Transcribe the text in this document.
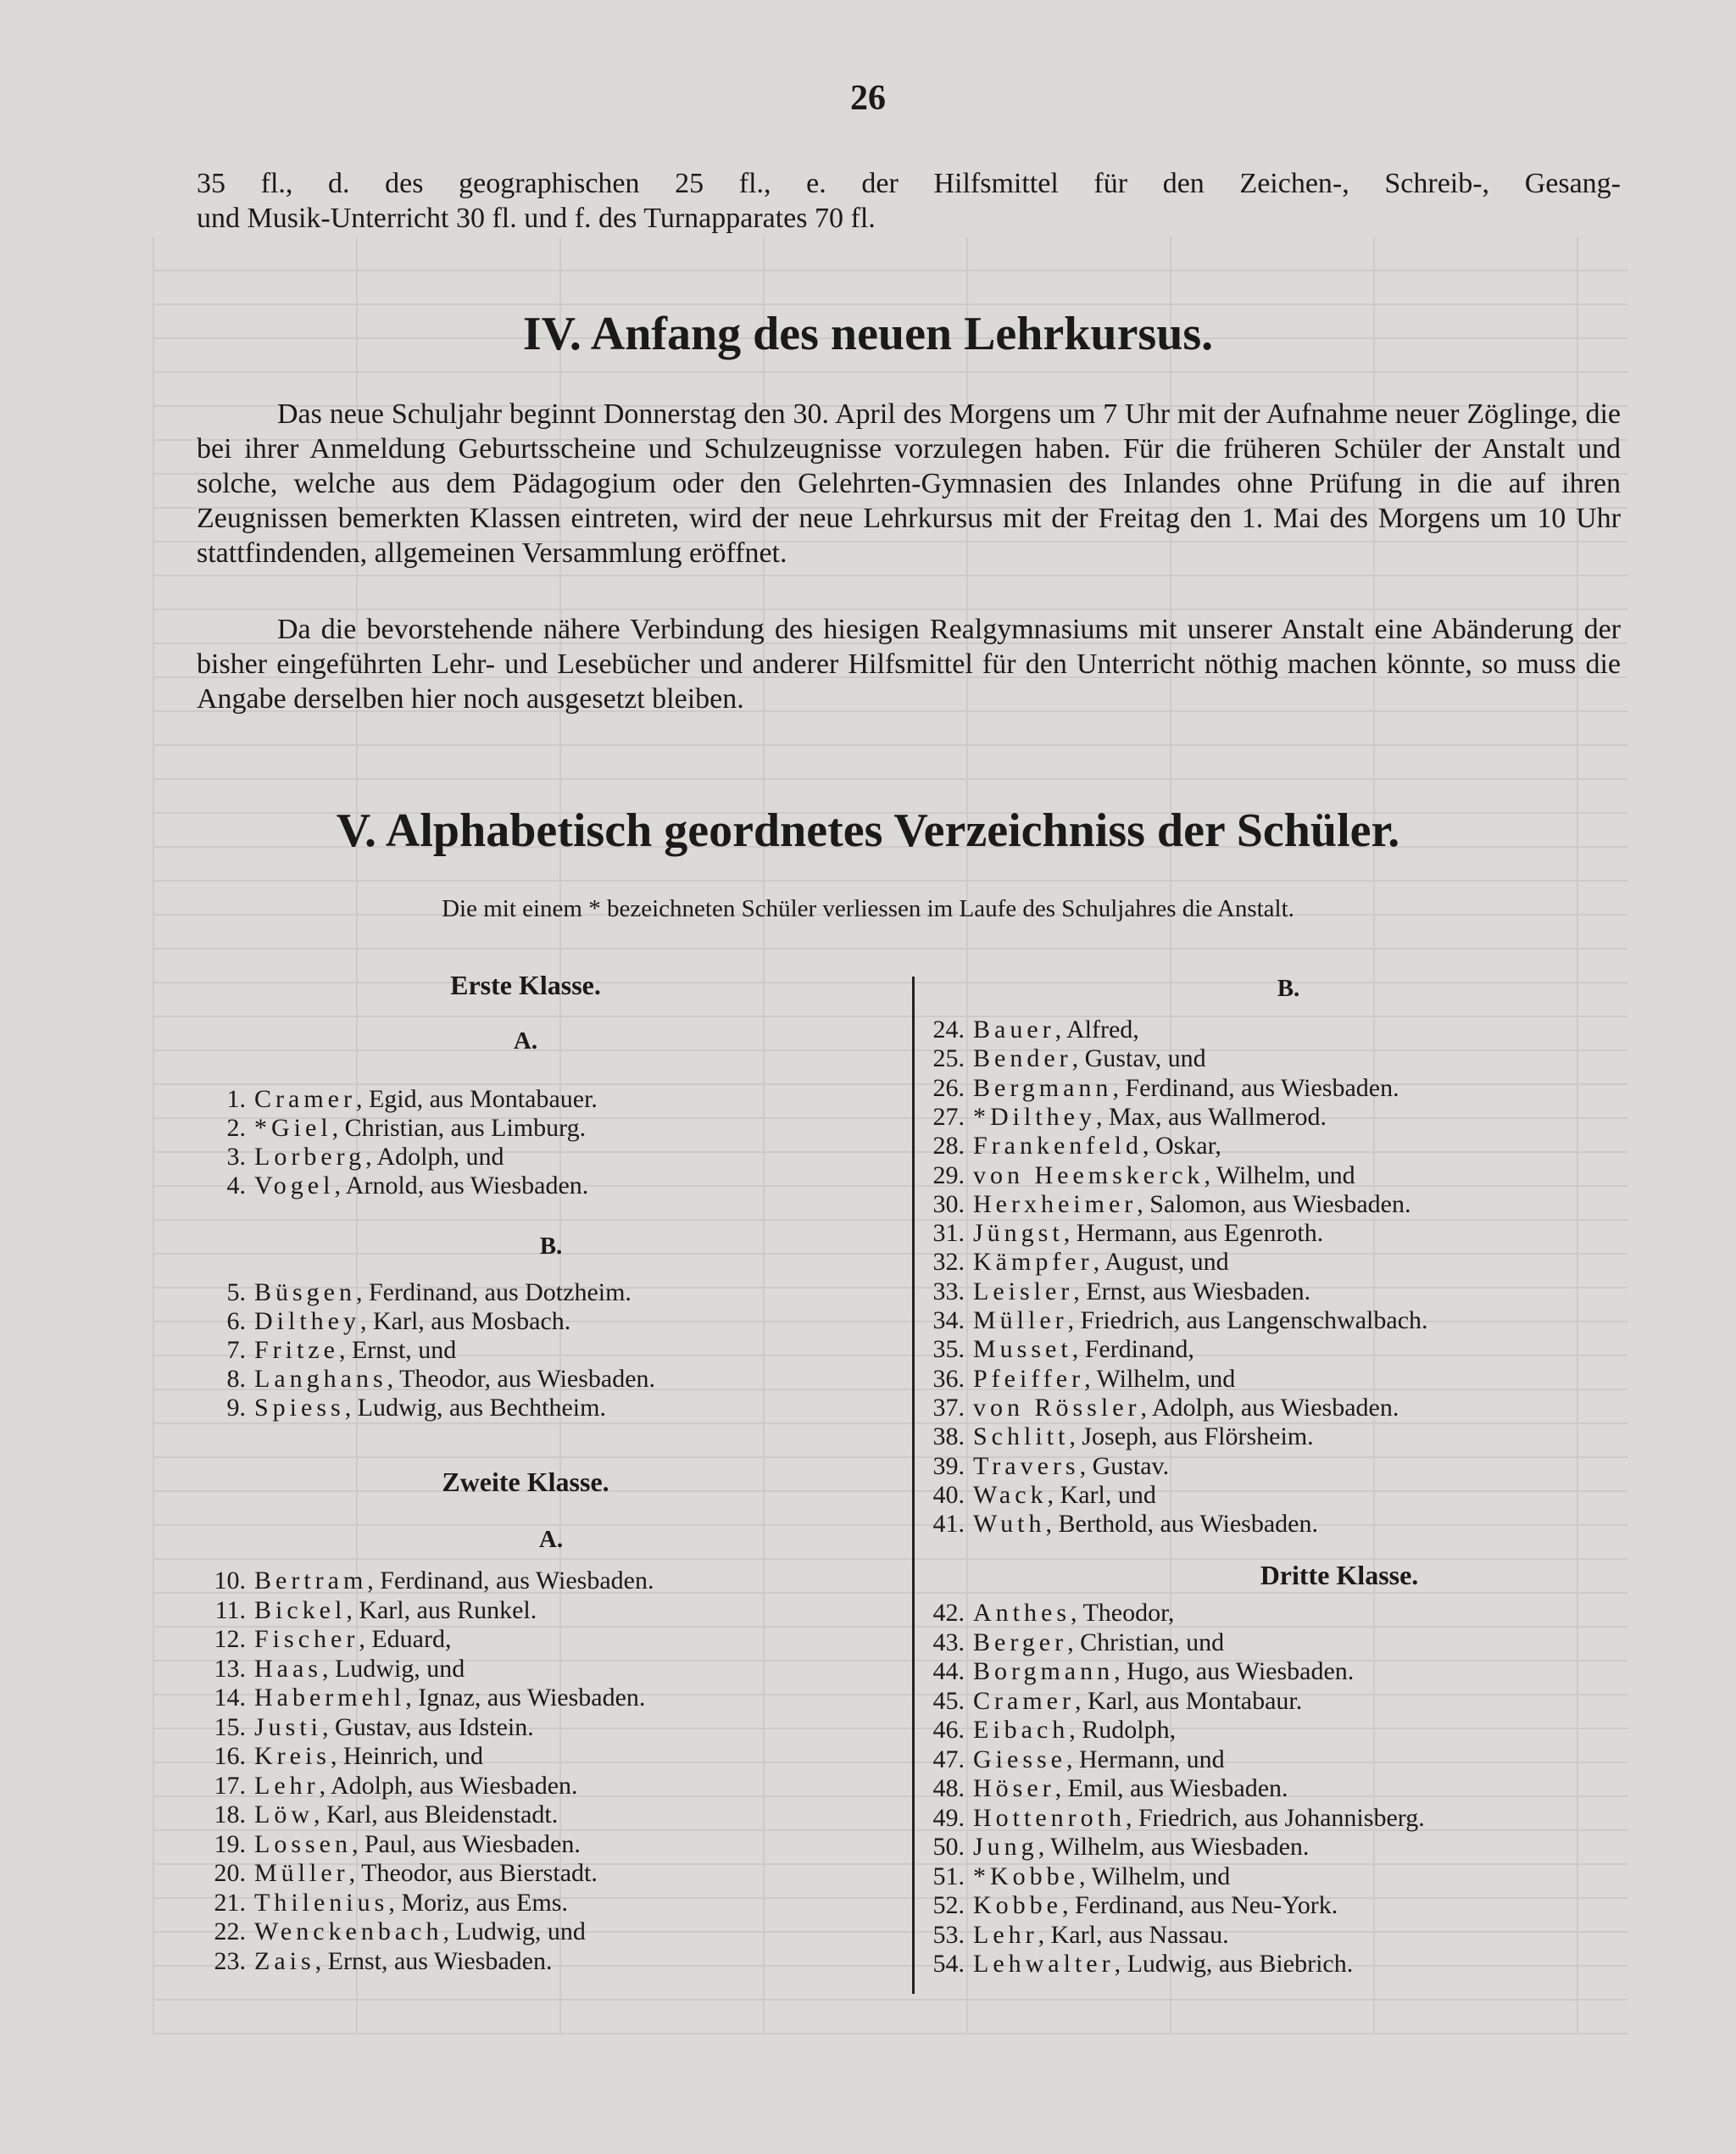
26
35 fl., d. des geographischen 25 fl., e. der Hilfsmittel für den Zeichen-, Schreib-, Gesang-
und Musik-Unterricht 30 fl. und f. des Turnapparates 70 fl.
IV. Anfang des neuen Lehrkursus.
Das neue Schuljahr beginnt Donnerstag den 30. April des Morgens um 7 Uhr mit der Aufnahme neuer Zöglinge, die bei ihrer Anmeldung Geburtsscheine und Schulzeugnisse vorzulegen haben. Für die früheren Schüler der Anstalt und solche, welche aus dem Pädagogium oder den Gelehrten-Gymnasien des Inlandes ohne Prüfung in die auf ihren Zeugnissen bemerkten Klassen eintreten, wird der neue Lehrkursus mit der Freitag den 1. Mai des Morgens um 10 Uhr stattfindenden, allgemeinen Versammlung eröffnet.
Da die bevorstehende nähere Verbindung des hiesigen Realgymnasiums mit unserer Anstalt eine Abänderung der bisher eingeführten Lehr- und Lesebücher und anderer Hilfsmittel für den Unterricht nöthig machen könnte, so muss die Angabe derselben hier noch ausgesetzt bleiben.
V. Alphabetisch geordnetes Verzeichniss der Schüler.
Die mit einem * bezeichneten Schüler verliessen im Laufe des Schuljahres die Anstalt.
Erste Klasse.
A.
1. Cramer, Egid, aus Montabauer.
2. *Giel, Christian, aus Limburg.
3. Lorberg, Adolph, und
4. Vogel, Arnold, aus Wiesbaden.
B.
5. Büsgen, Ferdinand, aus Dotzheim.
6. Dilthey, Karl, aus Mosbach.
7. Fritze, Ernst, und
8. Langhans, Theodor, aus Wiesbaden.
9. Spiess, Ludwig, aus Bechtheim.
Zweite Klasse.
A.
10. Bertram, Ferdinand, aus Wiesbaden.
11. Bickel, Karl, aus Runkel.
12. Fischer, Eduard,
13. Haas, Ludwig, und
14. Habermehl, Ignaz, aus Wiesbaden.
15. Justi, Gustav, aus Idstein.
16. Kreis, Heinrich, und
17. Lehr, Adolph, aus Wiesbaden.
18. Löw, Karl, aus Bleidenstadt.
19. Lossen, Paul, aus Wiesbaden.
20. Müller, Theodor, aus Bierstadt.
21. Thilenius, Moriz, aus Ems.
22. Wenckenbach, Ludwig, und
23. Zais, Ernst, aus Wiesbaden.
B.
24. Bauer, Alfred,
25. Bender, Gustav, und
26. Bergmann, Ferdinand, aus Wiesbaden.
27. *Dilthey, Max, aus Wallmerod.
28. Frankenfeld, Oskar,
29. von Heemskerck, Wilhelm, und
30. Herxheimer, Salomon, aus Wiesbaden.
31. Jüngst, Hermann, aus Egenroth.
32. Kämpfer, August, und
33. Leisler, Ernst, aus Wiesbaden.
34. Müller, Friedrich, aus Langenschwalbach.
35. Musset, Ferdinand,
36. Pfeiffer, Wilhelm, und
37. von Rössler, Adolph, aus Wiesbaden.
38. Schlitt, Joseph, aus Flörsheim.
39. Travers, Gustav.
40. Wack, Karl, und
41. Wuth, Berthold, aus Wiesbaden.
Dritte Klasse.
42. Anthes, Theodor,
43. Berger, Christian, und
44. Borgmann, Hugo, aus Wiesbaden.
45. Cramer, Karl, aus Montabaur.
46. Eibach, Rudolph,
47. Giesse, Hermann, und
48. Höser, Emil, aus Wiesbaden.
49. Hottenroth, Friedrich, aus Johannisberg.
50. Jung, Wilhelm, aus Wiesbaden.
51. *Kobbe, Wilhelm, und
52. Kobbe, Ferdinand, aus Neu-York.
53. Lehr, Karl, aus Nassau.
54. Lehwalter, Ludwig, aus Biebrich.
